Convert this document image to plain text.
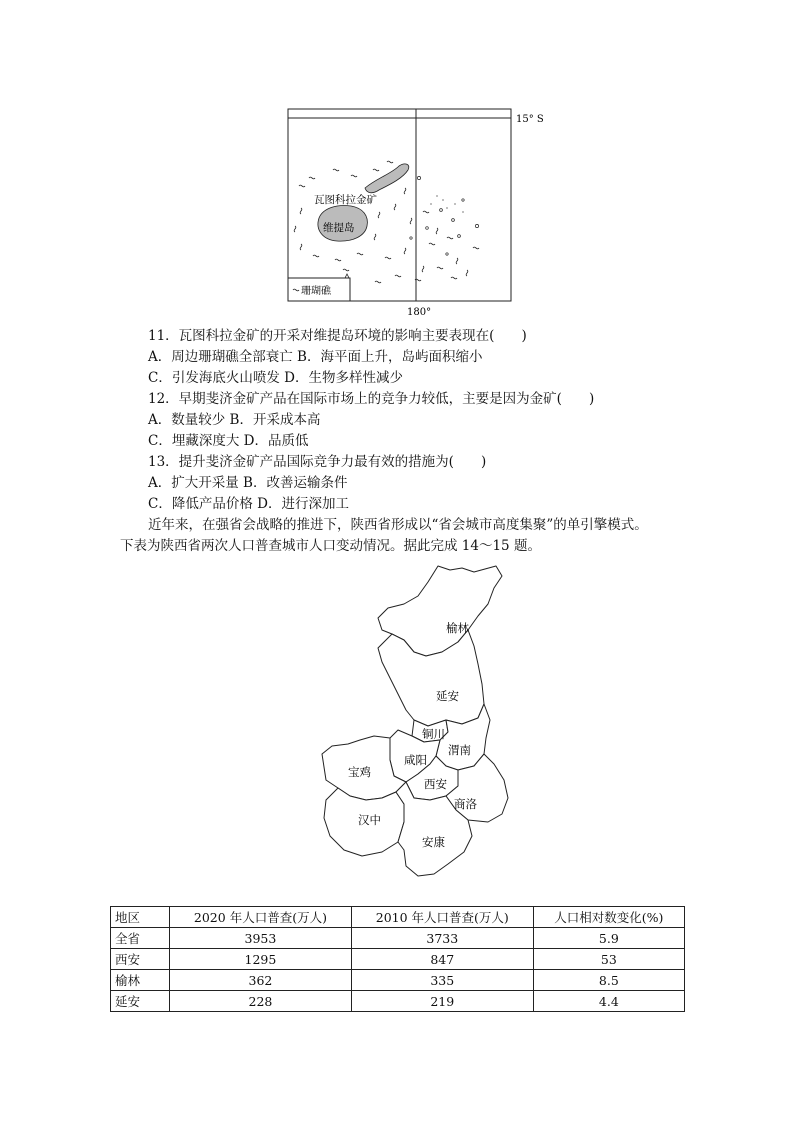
15° S
180°
瓦图科拉金矿
维提岛
珊瑚礁
11．瓦图科拉金矿的开采对维提岛环境的影响主要表现在(　　)
A．周边珊瑚礁全部衰亡 B．海平面上升，岛屿面积缩小
C．引发海底火山喷发 D．生物多样性减少
12．早期斐济金矿产品在国际市场上的竞争力较低，主要是因为金矿(　　)
A．数量较少 B．开采成本高
C．埋藏深度大 D．品质低
13．提升斐济金矿产品国际竞争力最有效的措施为(　　)
A．扩大开采量 B．改善运输条件
C．降低产品价格 D．进行深加工
近年来，在强省会战略的推进下，陕西省形成以“省会城市高度集聚”的单引擎模式。
下表为陕西省两次人口普查城市人口变动情况。据此完成 14～15 题。
榆林
延安
铜川
渭南
咸阳
宝鸡
西安
商洛
汉中
安康
地区	2020 年人口普查(万人)	2010 年人口普查(万人)	人口相对数变化(%)
全省	3953	3733	5.9
西安	1295	847	53
榆林	362	335	8.5
延安	228	219	4.4
